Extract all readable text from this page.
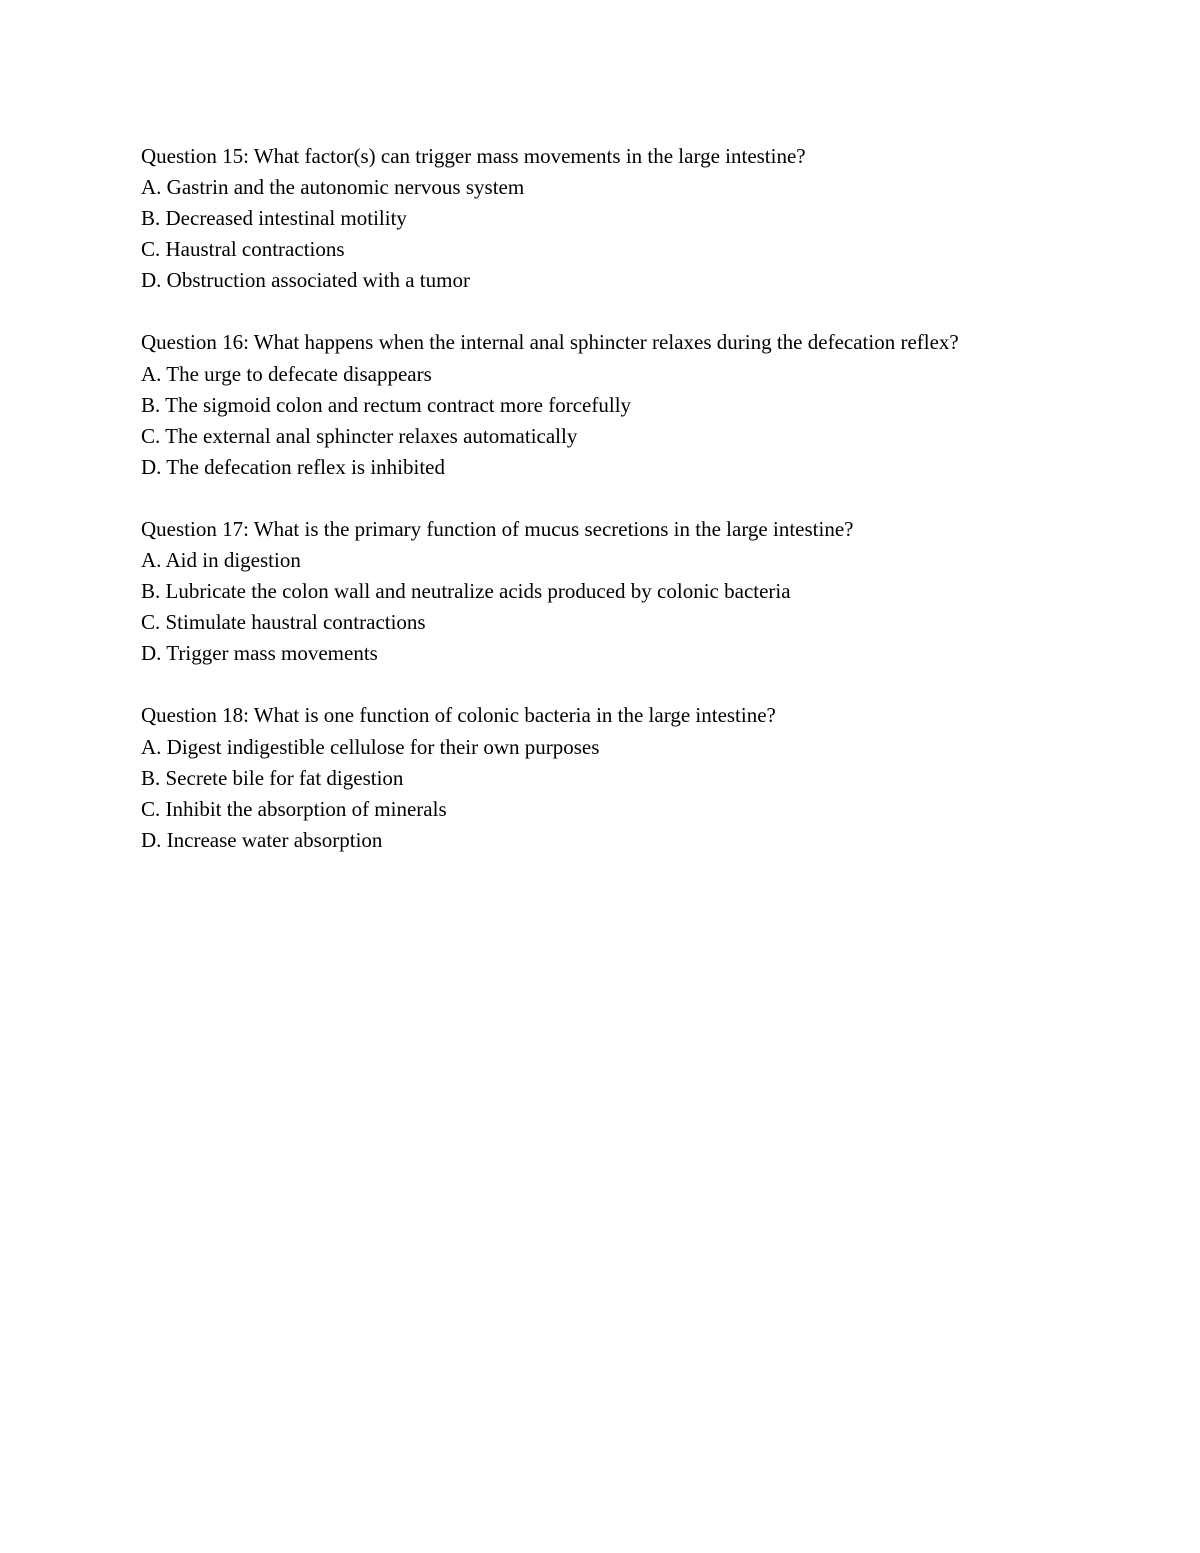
Question 15: What factor(s) can trigger mass movements in the large intestine?
A. Gastrin and the autonomic nervous system
B. Decreased intestinal motility
C. Haustral contractions
D. Obstruction associated with a tumor
Question 16: What happens when the internal anal sphincter relaxes during the defecation reflex?
A. The urge to defecate disappears
B. The sigmoid colon and rectum contract more forcefully
C. The external anal sphincter relaxes automatically
D. The defecation reflex is inhibited
Question 17: What is the primary function of mucus secretions in the large intestine?
A. Aid in digestion
B. Lubricate the colon wall and neutralize acids produced by colonic bacteria
C. Stimulate haustral contractions
D. Trigger mass movements
Question 18: What is one function of colonic bacteria in the large intestine?
A. Digest indigestible cellulose for their own purposes
B. Secrete bile for fat digestion
C. Inhibit the absorption of minerals
D. Increase water absorption
